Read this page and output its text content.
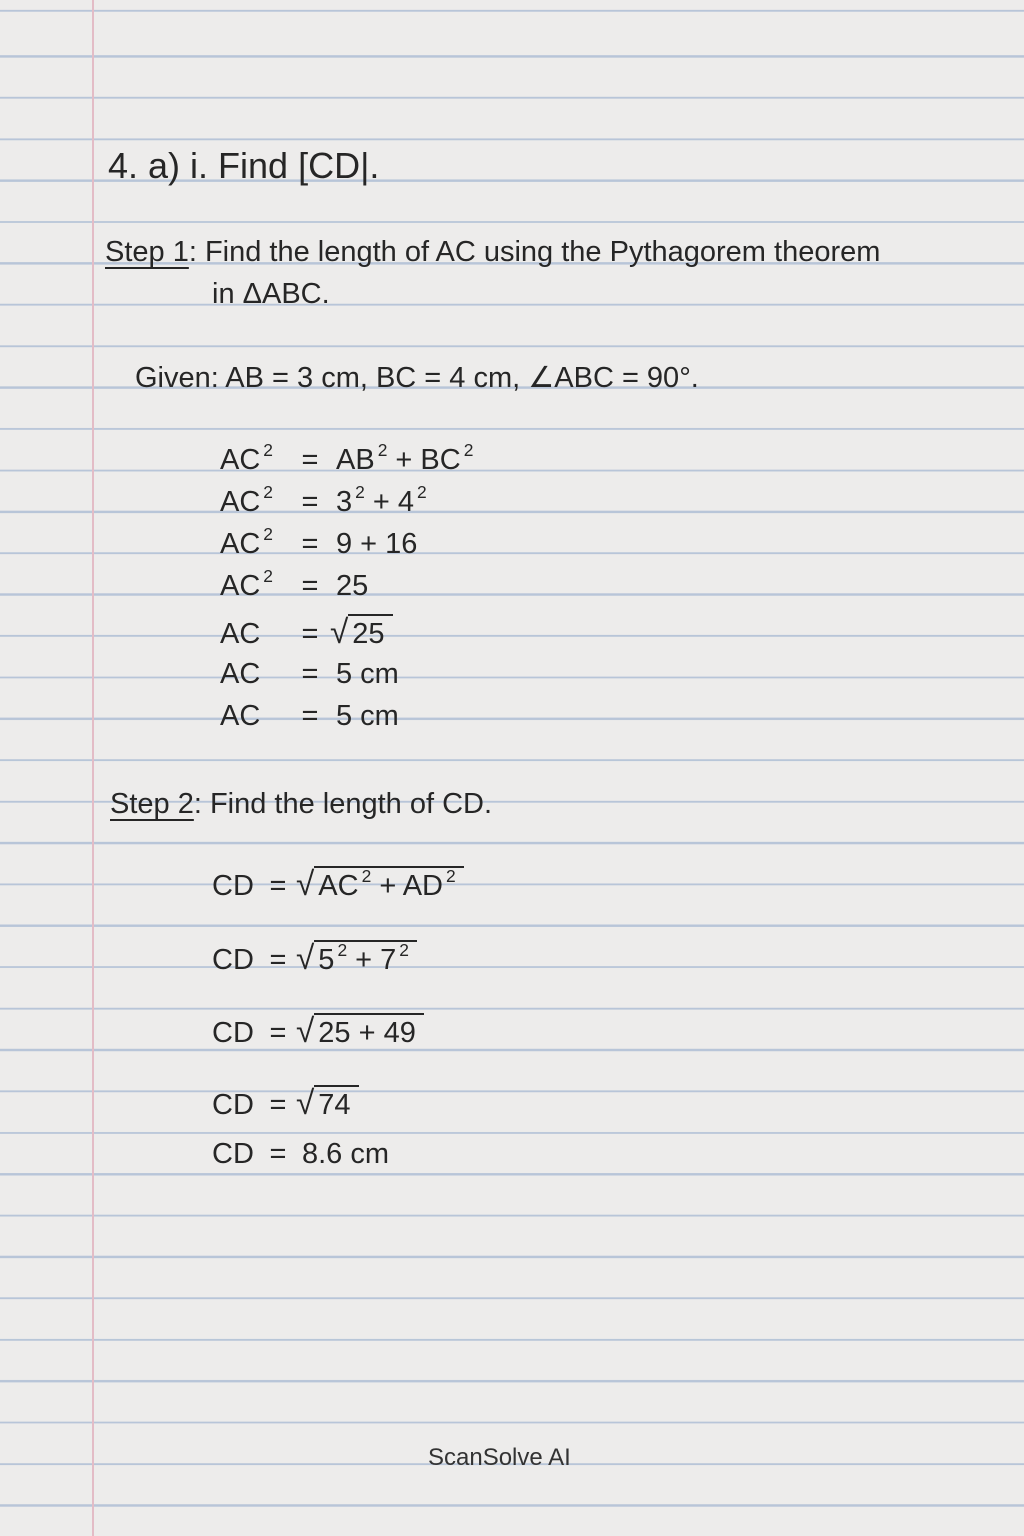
4. a) i. Find [CD|.
Step 1: Find the length of AC using the Pythagorem theorem
in ΔABC.
Given: AB = 3 cm, BC = 4 cm, ∠ABC = 90°.
AC $^2$ = AB $^2$ + BC $^2$
AC $^2$ = 3 $^2$ + 4 $^2$
AC $^2$ = 9 + 16
AC $^2$ = 25
AC = √ 25
AC = 5 cm
AC = 5 cm
Step 2: Find the length of CD.
CD = √ AC $^2$ + AD $^2$
CD = √ 5 $^2$ + 7 $^2$
CD = √ 25 + 49
CD = √ 74
CD = 8.6 cm
ScanSolve AI
